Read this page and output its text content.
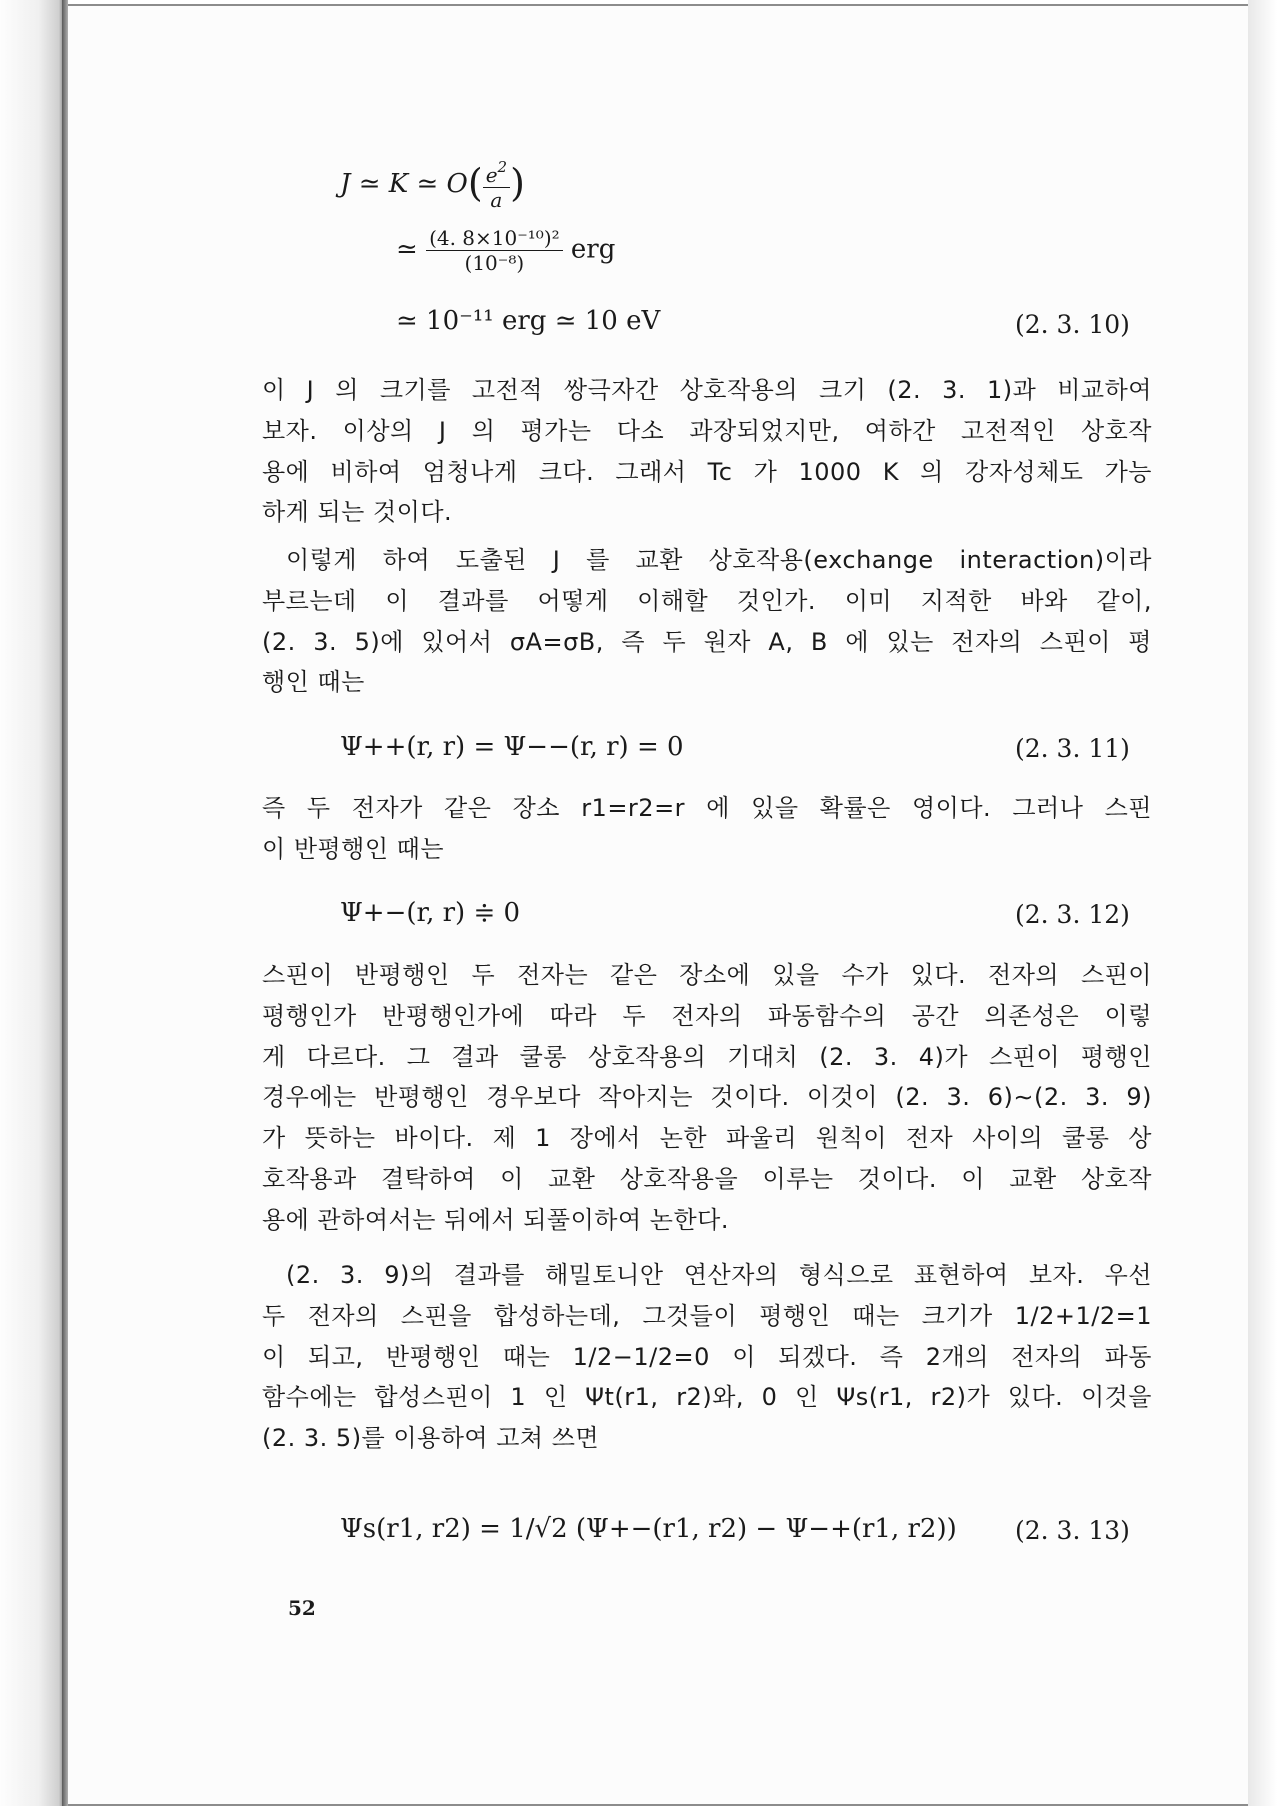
J ≃ K ≃ $O( \frac{e^2}{a}$ )
≃ $\frac{\text{(4. 8×10⁻¹⁰)²}}{\text{(10⁻⁸)}}$ erg
≃ 10⁻¹¹ erg ≃ 10 eV	(2. 3. 10)
이 J 의 크기를 고전적 쌍극자간 상호작용의 크기 (2. 3. 1)과 비교하여
보자. 이상의 J 의 평가는 다소 과장되었지만, 여하간 고전적인 상호작
용에 비하여 엄청나게 크다. 그래서 Tc 가 1000 K 의 강자성체도 가능
하게 되는 것이다.
이렇게 하여 도출된 J 를 교환 상호작용(exchange interaction)이라
부르는데 이 결과를 어떻게 이해할 것인가. 이미 지적한 바와 같이,
(2. 3. 5)에 있어서 σA=σB, 즉 두 원자 A, B 에 있는 전자의 스핀이 평
행인 때는
Ψ++(r, r) = Ψ−−(r, r) = 0	(2. 3. 11)
즉 두 전자가 같은 장소 r1=r2=r 에 있을 확률은 영이다. 그러나 스핀
이 반평행인 때는
Ψ+−(r, r) ≑ 0	(2. 3. 12)
스핀이 반평행인 두 전자는 같은 장소에 있을 수가 있다. 전자의 스핀이
평행인가 반평행인가에 따라 두 전자의 파동함수의 공간 의존성은 이렇
게 다르다. 그 결과 쿨롱 상호작용의 기대치 (2. 3. 4)가 스핀이 평행인
경우에는 반평행인 경우보다 작아지는 것이다. 이것이 (2. 3. 6)∼(2. 3. 9)
가 뜻하는 바이다. 제 1 장에서 논한 파울리 원칙이 전자 사이의 쿨롱 상
호작용과 결탁하여 이 교환 상호작용을 이루는 것이다. 이 교환 상호작
용에 관하여서는 뒤에서 되풀이하여 논한다.
(2. 3. 9)의 결과를 해밀토니안 연산자의 형식으로 표현하여 보자. 우선
두 전자의 스핀을 합성하는데, 그것들이 평행인 때는 크기가 1/2+1/2=1
이 되고, 반평행인 때는 1/2−1/2=0 이 되겠다. 즉 2개의 전자의 파동
함수에는 합성스핀이 1 인 Ψt(r1, r2)와, 0 인 Ψs(r1, r2)가 있다. 이것을
(2. 3. 5)를 이용하여 고쳐 쓰면
Ψs(r1, r2) = 1/√2 (Ψ+−(r1, r2) − Ψ−+(r1, r2)) (2. 3. 13)
52
